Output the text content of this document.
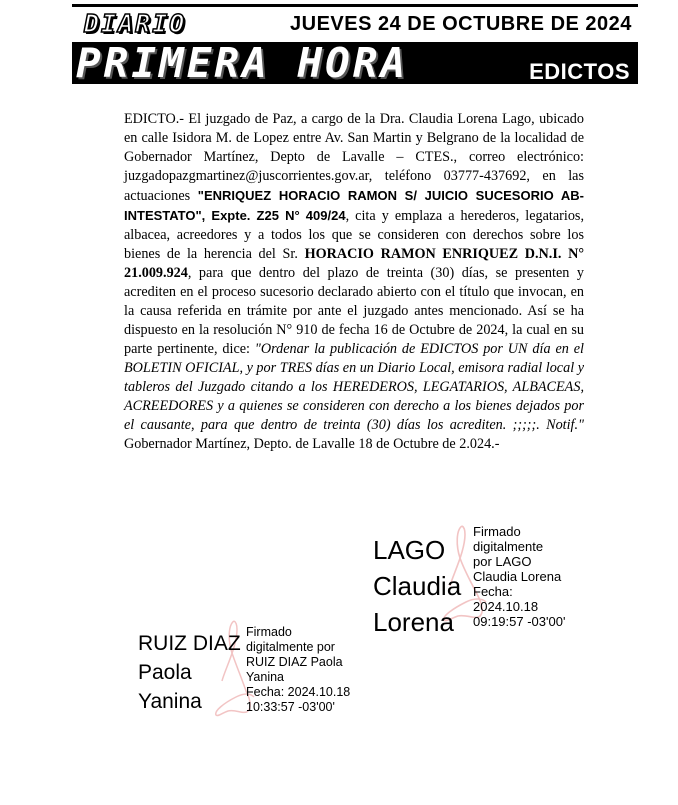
DIARIO	JUEVES 24 DE OCTUBRE DE 2024
PRIMERA HORA	EDICTOS

EDICTO.- El juzgado de Paz, a cargo de la Dra. Claudia Lorena Lago, ubicado en calle Isidora M. de Lopez entre Av. San Martin y Belgrano de la localidad de Gobernador Martínez, Depto de Lavalle – CTES., correo electrónico: juzgadopazgmartinez@juscorrientes.gov.ar, teléfono 03777-437692, en las actuaciones "ENRIQUEZ HORACIO RAMON S/ JUICIO SUCESORIO AB- INTESTATO", Expte. Z25 N° 409/24, cita y emplaza a herederos, legatarios, albacea, acreedores y a todos los que se consideren con derechos sobre los bienes de la herencia del Sr. HORACIO RAMON ENRIQUEZ D.N.I. N° 21.009.924, para que dentro del plazo de treinta (30) días, se presenten y acrediten en el proceso sucesorio declarado abierto con el título que invocan, en la causa referida en trámite por ante el juzgado antes mencionado. Así se ha dispuesto en la resolución N° 910 de fecha 16 de Octubre de 2024, la cual en su parte pertinente, dice: "Ordenar la publicación de EDICTOS por UN día en el BOLETIN OFICIAL, y por TRES días en un Diario Local, emisora radial local y tableros del Juzgado citando a los HEREDEROS, LEGATARIOS, ALBACEAS, ACREEDORES y a quienes se consideren con derecho a los bienes dejados por el causante, para que dentro de treinta (30) días los acrediten. ;;;;;. Notif." Gobernador Martínez, Depto. de Lavalle 18 de Octubre de 2.024.-

LAGO
Claudia
Lorena
Firmado
digitalmente
por LAGO
Claudia Lorena
Fecha:
2024.10.18
09:19:57 -03'00'
RUIZ DIAZ
Paola
Yanina
Firmado
digitalmente por
RUIZ DIAZ Paola
Yanina
Fecha: 2024.10.18
10:33:57 -03'00'
